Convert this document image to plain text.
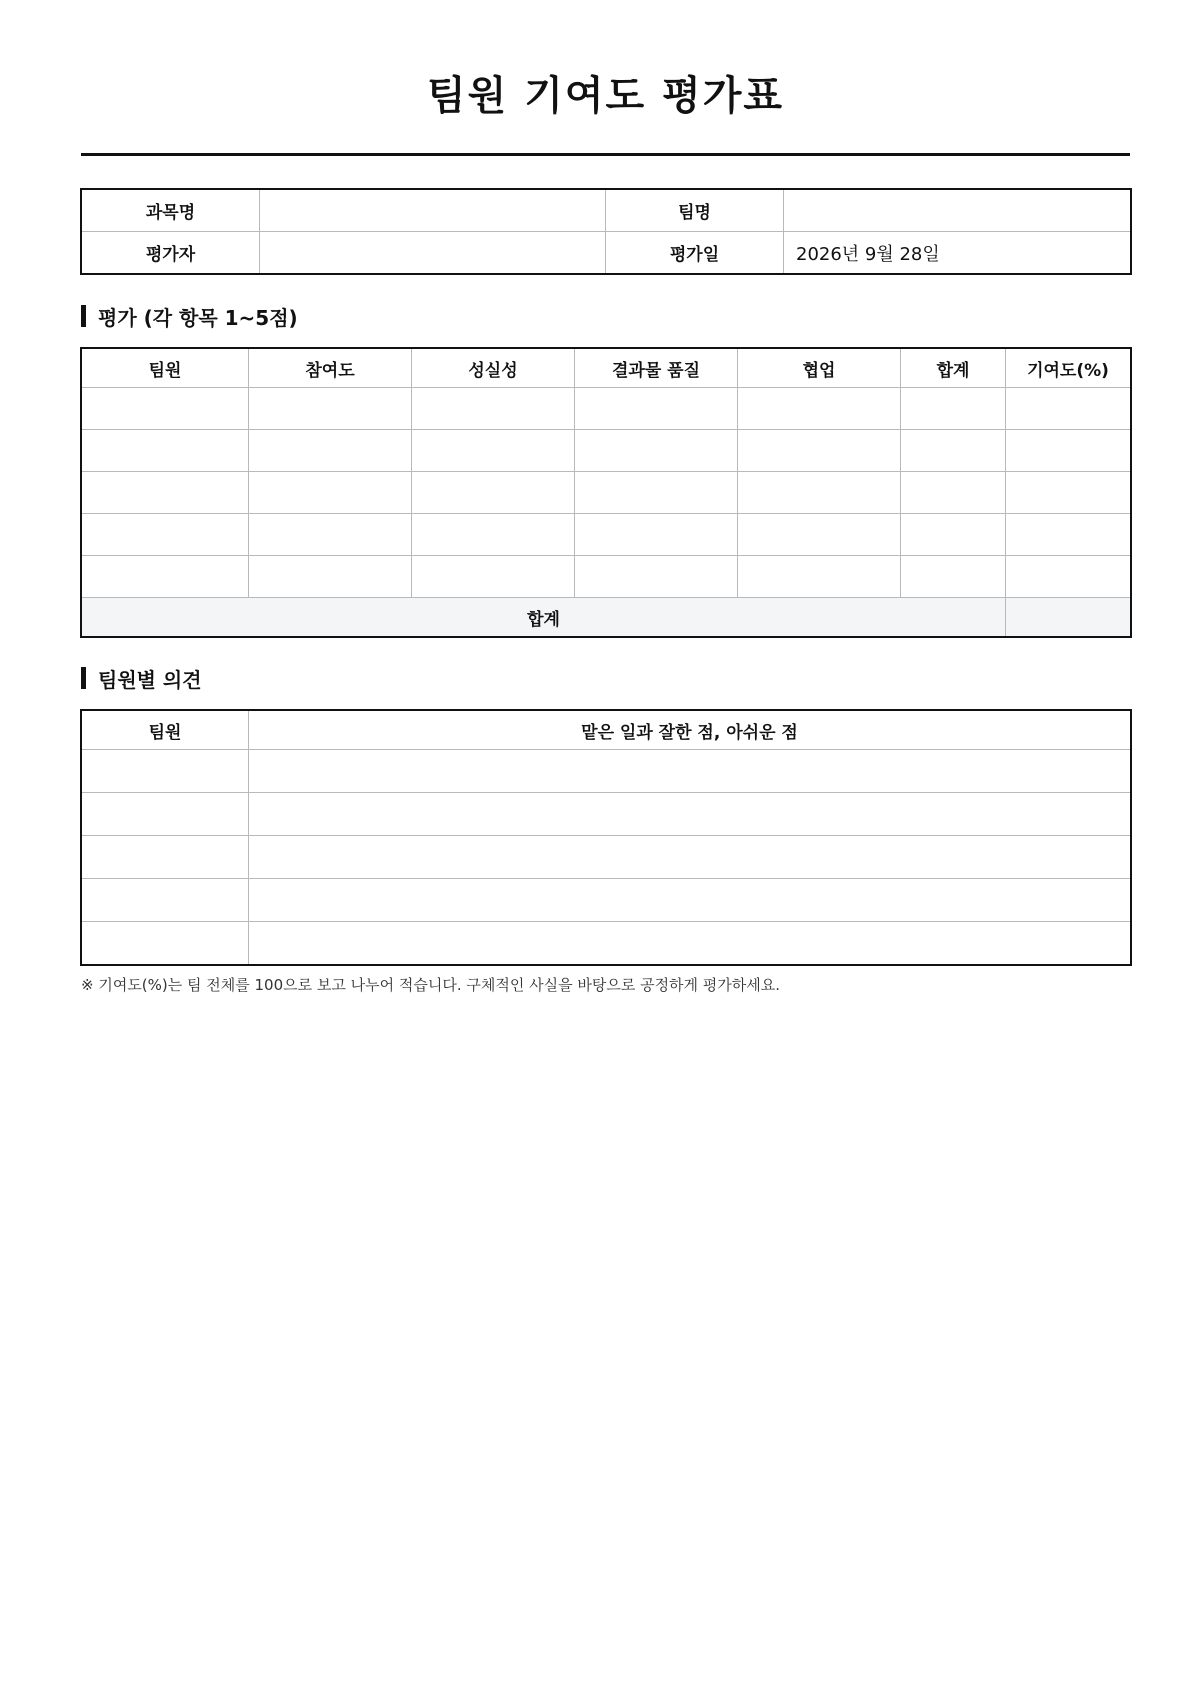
팀원 기여도 평가표
과목명		팀명	
평가자		평가일	2026년 9월 28일
평가 (각 항목 1~5점)
팀원	참여도	성실성	결과물 품질	협업	합계	기여도(%)

합계						
팀원별 의견
팀원	맡은 일과 잘한 점, 아쉬운 점

※ 기여도(%)는 팀 전체를 100으로 보고 나누어 적습니다. 구체적인 사실을 바탕으로 공정하게 평가하세요.
